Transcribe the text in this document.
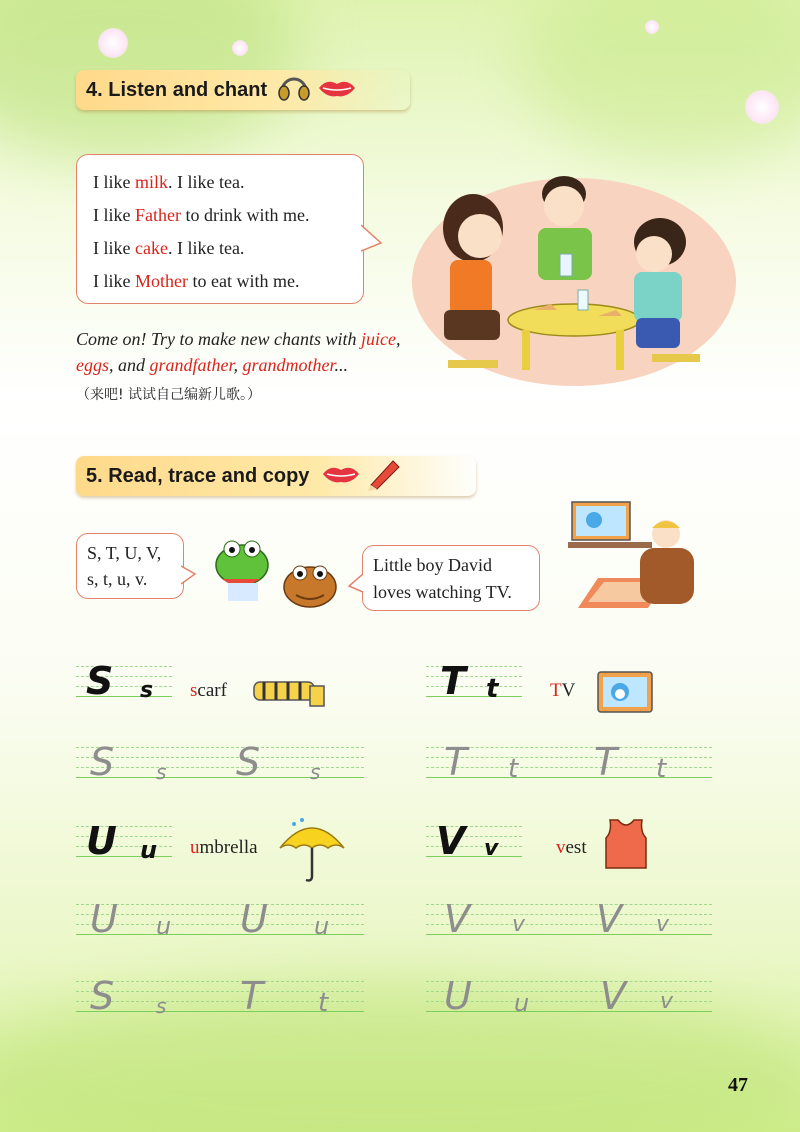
4. Listen and chant
I like milk. I like tea.
I like Father to drink with me.
I like cake. I like tea.
I like Mother to eat with me.
Come on! Try to make new chants with juice,
eggs, and grandfather, grandmother...
（来吧! 试试自己编新儿歌。）
5. Read, trace and copy
S, T, U, V,
s, t, u, v.
Little boy David
loves watching TV.
S s scarf	T t	TV
S s S s	T t T t
U u umbrella	V v	vest
U u U u	V v V v
S s T t	U u V v
47
